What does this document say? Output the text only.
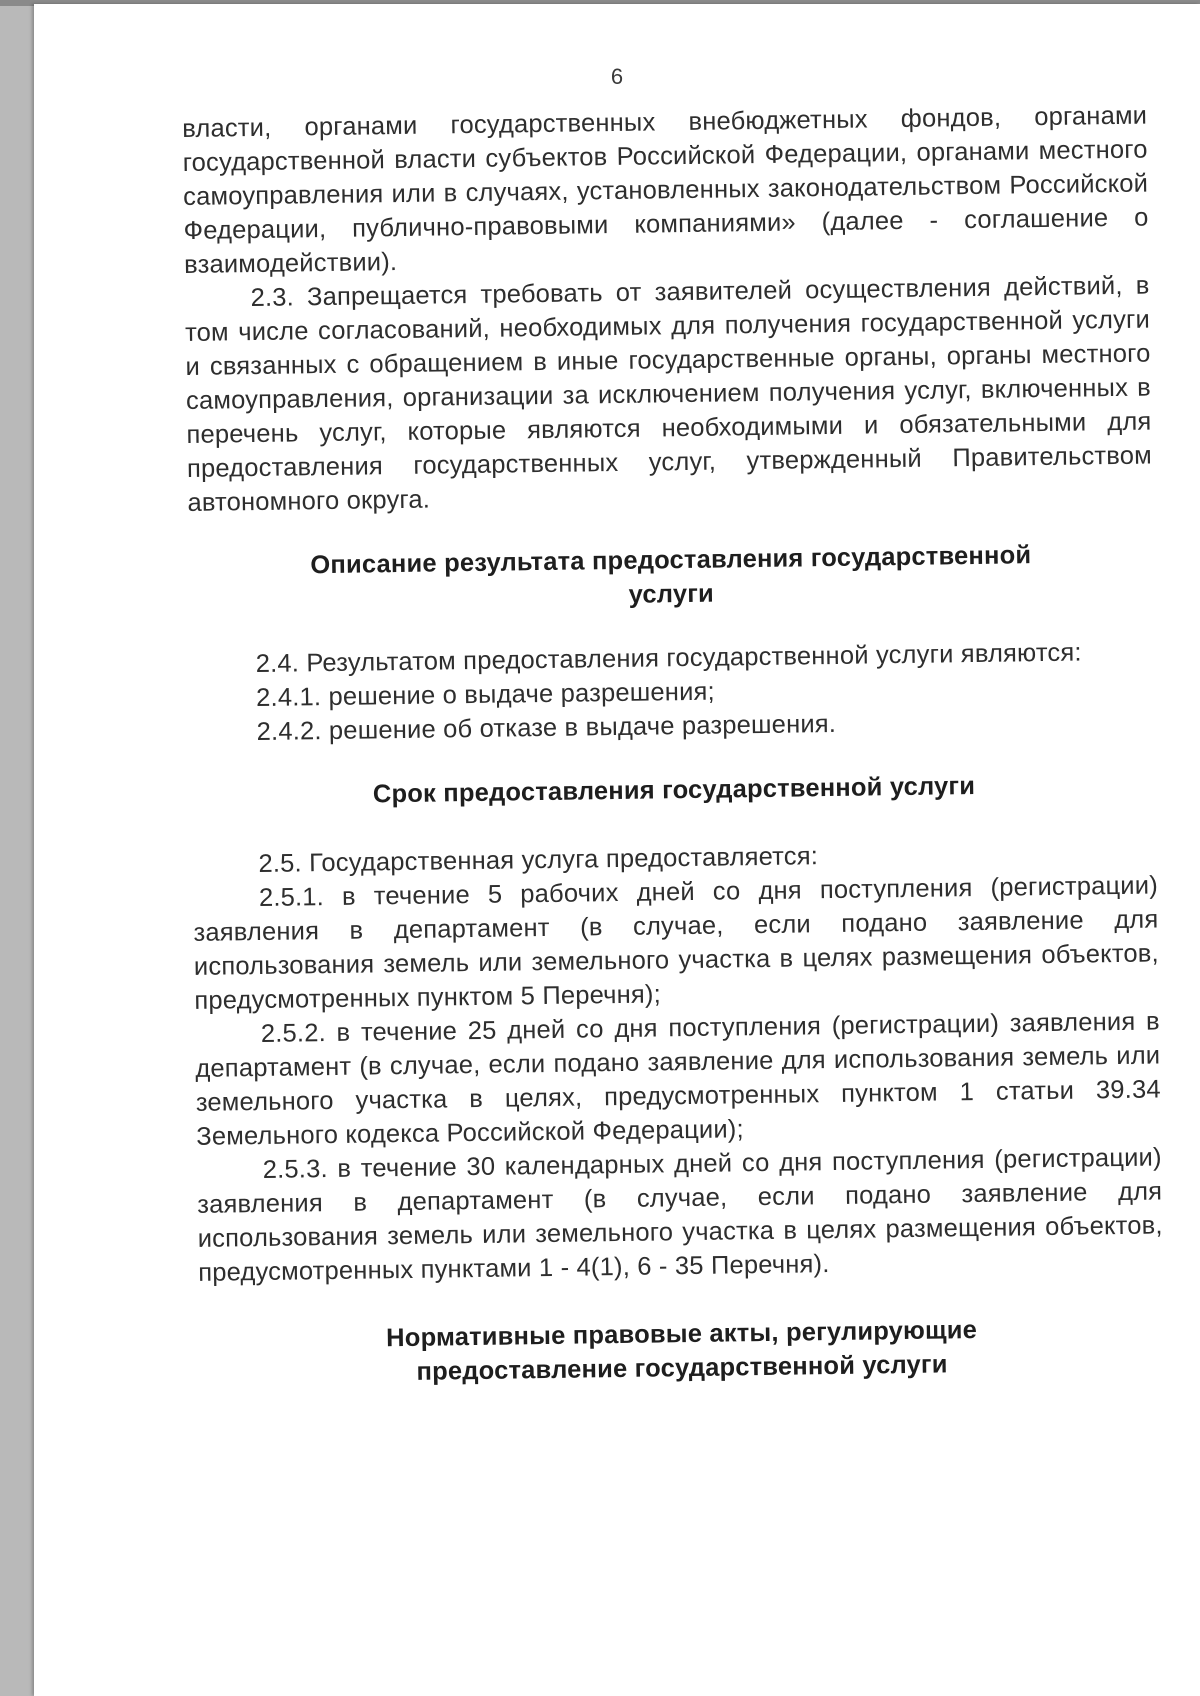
6

власти, органами государственных внебюджетных фондов, органами государственной власти субъектов Российской Федерации, органами местного самоуправления или в случаях, установленных законодательством Российской Федерации, публично-правовыми компаниями» (далее - соглашение о взаимодействии).

2.3. Запрещается требовать от заявителей осуществления действий, в том числе согласований, необходимых для получения государственной услуги и связанных с обращением в иные государственные органы, органы местного самоуправления, организации за исключением получения услуг, включенных в перечень услуг, которые являются необходимыми и обязательными для предоставления государственных услуг, утвержденный Правительством автономного округа.

Описание результата предоставления государственной услуги

2.4. Результатом предоставления государственной услуги являются:

2.4.1. решение о выдаче разрешения;

2.4.2. решение об отказе в выдаче разрешения.

Срок предоставления государственной услуги

2.5. Государственная услуга предоставляется:

2.5.1. в течение 5 рабочих дней со дня поступления (регистрации) заявления в департамент (в случае, если подано заявление для использования земель или земельного участка в целях размещения объектов, предусмотренных пунктом 5 Перечня);

2.5.2. в течение 25 дней со дня поступления (регистрации) заявления в департамент (в случае, если подано заявление для использования земель или земельного участка в целях, предусмотренных пунктом 1 статьи 39.34 Земельного кодекса Российской Федерации);

2.5.3. в течение 30 календарных дней со дня поступления (регистрации) заявления в департамент (в случае, если подано заявление для использования земель или земельного участка в целях размещения объектов, предусмотренных пунктами 1 - 4(1), 6 - 35 Перечня).

Нормативные правовые акты, регулирующие предоставление государственной услуги
